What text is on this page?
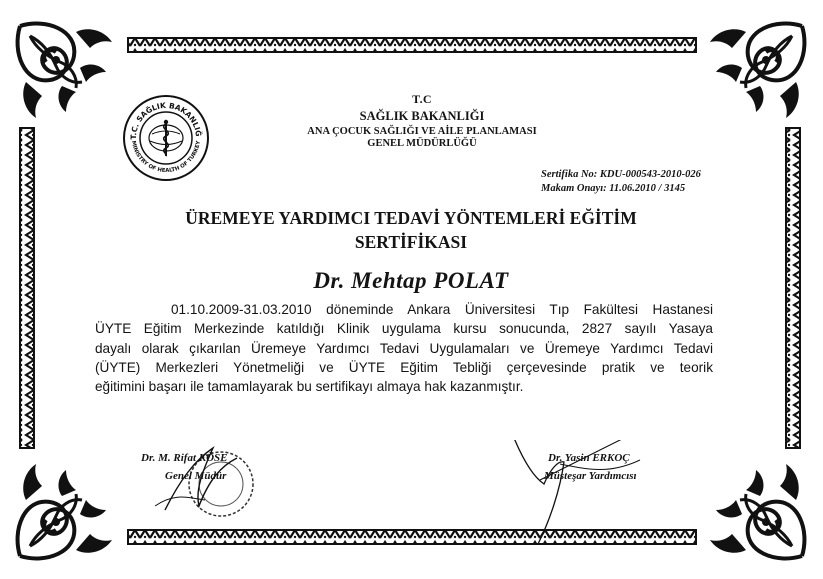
T.C. SAĞLIK BAKANLIĞ
MINISTRY OF HEALTH OF TURKEY
T.C
SAĞLIK BAKANLIĞI
ANA ÇOCUK SAĞLIĞI VE AİLE PLANLAMASI
GENEL MÜDÜRLÜĞÜ
Sertifika No: KDU-000543-2010-026
Makam Onayı: 11.06.2010 / 3145
ÜREMEYE YARDIMCI TEDAVİ YÖNTEMLERİ EĞİTİM
SERTİFİKASI
Dr. Mehtap POLAT
01.10.2009-31.03.2010 döneminde Ankara Üniversitesi Tıp Fakültesi Hastanesi
ÜYTE Eğitim Merkezinde katıldığı Klinik uygulama kursu sonucunda, 2827 sayılı Yasaya
dayalı olarak çıkarılan Üremeye Yardımcı Tedavi Uygulamaları ve Üremeye Yardımcı Tedavi
(ÜYTE) Merkezleri Yönetmeliği ve ÜYTE Eğitim Tebliği çerçevesinde pratik ve teorik
eğitimini başarı ile tamamlayarak bu sertifikayı almaya hak kazanmıştır.
Dr. M. Rifat KÖSE
Genel Müdür
Dr. Yasin ERKOÇ
Müsteşar Yardımcısı
